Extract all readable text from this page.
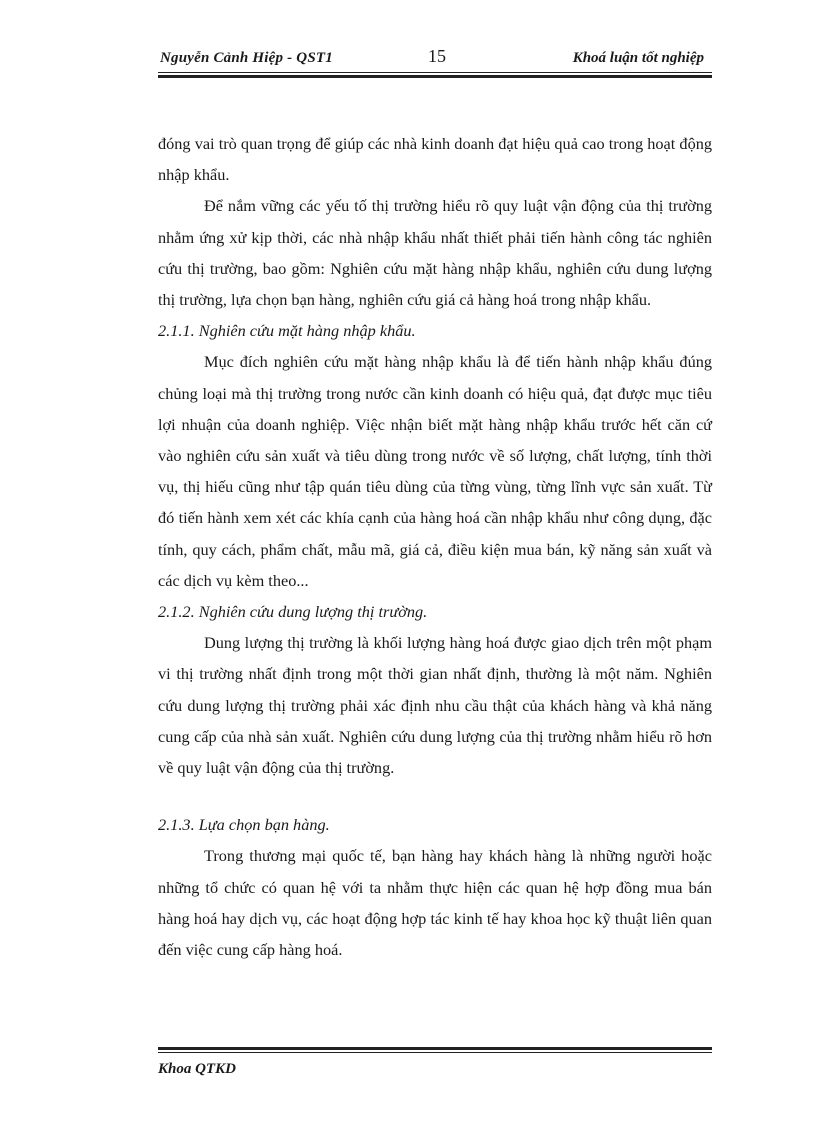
Nguyễn Cảnh Hiệp - QST1	15	Khoá luận tốt nghiệp

đóng vai trò quan trọng để giúp các nhà kinh doanh đạt hiệu quả cao trong hoạt động nhập khẩu.

Để nắm vững các yếu tố thị trường hiểu rõ quy luật vận động của thị trường nhằm ứng xử kịp thời, các nhà nhập khẩu nhất thiết phải tiến hành công tác nghiên cứu thị trường, bao gồm: Nghiên cứu mặt hàng nhập khẩu, nghiên cứu dung lượng thị trường, lựa chọn bạn hàng, nghiên cứu giá cả hàng hoá trong nhập khẩu.

2.1.1. Nghiên cứu mặt hàng nhập khẩu.

Mục đích nghiên cứu mặt hàng nhập khẩu là để tiến hành nhập khẩu đúng chủng loại mà thị trường trong nước cần kinh doanh có hiệu quả, đạt được mục tiêu lợi nhuận của doanh nghiệp. Việc nhận biết mặt hàng nhập khẩu trước hết căn cứ vào nghiên cứu sản xuất và tiêu dùng trong nước về số lượng, chất lượng, tính thời vụ, thị hiếu cũng như tập quán tiêu dùng của từng vùng, từng lĩnh vực sản xuất. Từ đó tiến hành xem xét các khía cạnh của hàng hoá cần nhập khẩu như công dụng, đặc tính, quy cách, phẩm chất, mẫu mã, giá cả, điều kiện mua bán, kỹ năng sản xuất và các dịch vụ kèm theo...

2.1.2. Nghiên cứu dung lượng thị trường.

Dung lượng thị trường là khối lượng hàng hoá được giao dịch trên một phạm vi thị trường nhất định trong một thời gian nhất định, thường là một năm. Nghiên cứu dung lượng thị trường phải xác định nhu cầu thật của khách hàng và khả năng cung cấp của nhà sản xuất. Nghiên cứu dung lượng của thị trường nhằm hiểu rõ hơn về quy luật vận động của thị trường.

2.1.3. Lựa chọn bạn hàng.

Trong thương mại quốc tế, bạn hàng hay khách hàng là những người hoặc những tổ chức có quan hệ với ta nhằm thực hiện các quan hệ hợp đồng mua bán hàng hoá hay dịch vụ, các hoạt động hợp tác kinh tế hay khoa học kỹ thuật liên quan đến việc cung cấp hàng hoá.

Khoa QTKD
